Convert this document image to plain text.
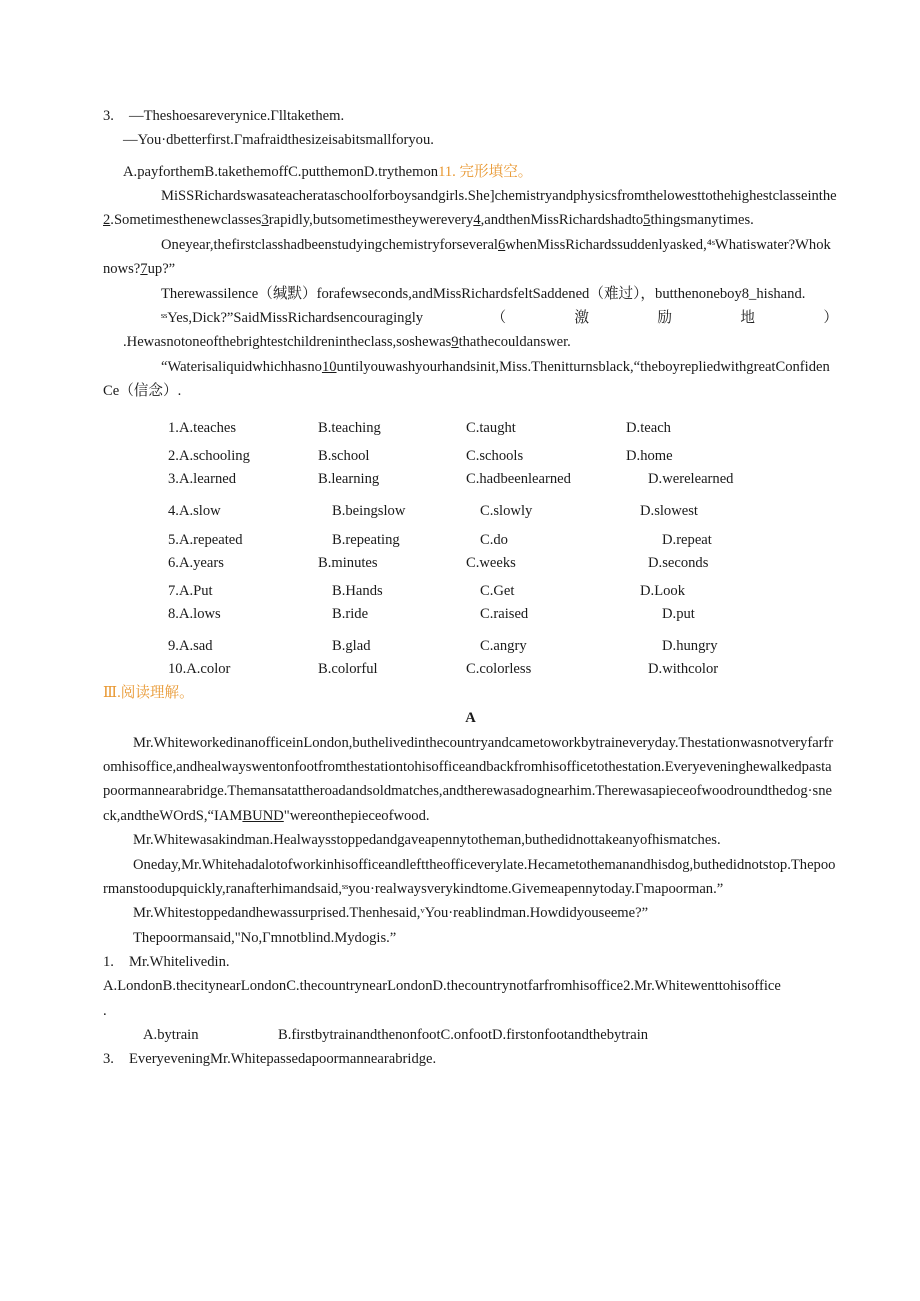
3. —Theshoesareverynice.Γlltakethem.

—You·dbetterfirst.Γmafraidthesizeisabitsmallforyou.

A.payforthemB.takethemoffC.putthemonD.trythemon11. 完形填空。

MiSSRichardswasateacherataschoolforboysandgirls.She]chemistryandphysicsfromthelowesttothehighestclasseinthe2.Sometimesthenewclasses3rapidly,butsometimestheywerevery4,andthenMissRichardshadto5thingsmanytimes.

Oneyear,thefirstclasshadbeenstudyingchemistryforseveral6whenMissRichardssuddenlyasked,⁴ˢWhatiswater?Whoknows?7up?”

Therewassilence（缄默）forafewseconds,andMissRichardsfeltSaddened（难过），butthenoneboy8_hishand.

ˢˢYes,Dick?”SaidMissRichardsencouragingly（激励地）

.Hewasnotoneofthebrightestchildrenintheclass,soshewas9thathecouldanswer.

“Waterisaliquidwhichhasno10untilyouwashyourhandsinit,Miss.Thenitturnsblack,“theboyrepliedwithgreatConfidenCe（信念）.

1.A.teaches	B.teaching	C.taught	D.teach
2.A.schooling	B.school	C.schools	D.home
3.A.learned	B.learning	C.hadbeenlearned	D.werelearned
4.A.slow	B.beingslow	C.slowly	D.slowest
5.A.repeated	B.repeating	C.do	D.repeat
6.A.years	B.minutes	C.weeks	D.seconds
7.A.Put	B.Hands	C.Get	D.Look
8.A.lows	B.ride	C.raised	D.put
9.A.sad	B.glad	C.angry	D.hungry
10.A.color	B.colorful	C.colorless	D.withcolor

Ⅲ.阅读理解。

A

Mr.WhiteworkedinanofficeinLondon,buthelivedinthecountryandcametoworkbytraineveryday.Thestationwasnotveryfarfromhisoffice,andhealwayswentonfootfromthestationtohisofficeandbackfromhisofficetothestation.Everyeveninghewalkedpastapoormannearabridge.Themansatattheroadandsoldmatches,andtherewasadognearhim.Therewasapieceofwoodroundthedog·sneck,andtheWOrdS,“IAMBUND"wereonthepieceofwood.

Mr.Whitewasakindman.Healwaysstoppedandgaveapennytotheman,buthedidnottakeanyofhismatches.

Oneday,Mr.Whitehadalotofworkinhisofficeandlefttheofficeverylate.Hecametothemanandhisdog,buthedidnotstop.Thepoormanstoodupquickly,ranafterhimandsaid,ˢˢyou·realwaysverykindtome.Givemeapennytoday.Γmapoorman.”

Mr.Whitestoppedandhewassurprised.Thenhesaid,ᵛYou·reablindman.Howdidyouseeme?”

Thepoormansaid,"No,Γmnotblind.Mydogis.”

1. Mr.Whitelivedin.

A.LondonB.thecitynearLondonC.thecountrynearLondonD.thecountrynotfarfromhisoffice2.Mr.Whitewenttohisoffice

.

A.bytrain	B.firstbytrainandthenonfootC.onfootD.firstonfootandthebytrain

3. EveryeveningMr.Whitepassedapoormannearabridge.
